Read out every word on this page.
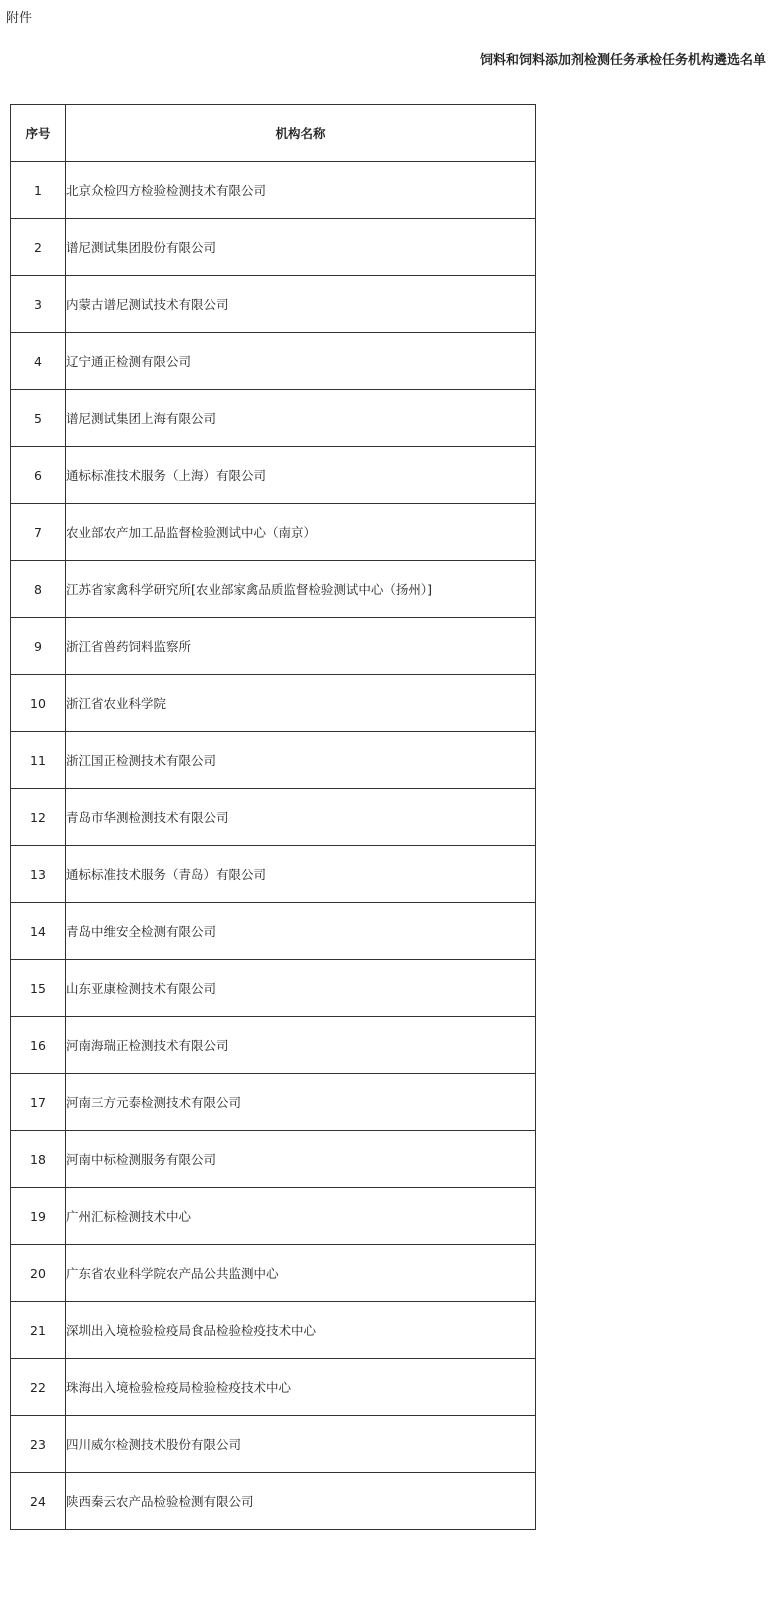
附件
饲料和饲料添加剂检测任务承检任务机构遴选名单
序号	机构名称
1	北京众检四方检验检测技术有限公司
2	谱尼测试集团股份有限公司
3	内蒙古谱尼测试技术有限公司
4	辽宁通正检测有限公司
5	谱尼测试集团上海有限公司
6	通标标准技术服务（上海）有限公司
7	农业部农产加工品监督检验测试中心（南京）
8	江苏省家禽科学研究所[农业部家禽品质监督检验测试中心（扬州）]
9	浙江省兽药饲料监察所
10	浙江省农业科学院
11	浙江国正检测技术有限公司
12	青岛市华测检测技术有限公司
13	通标标准技术服务（青岛）有限公司
14	青岛中维安全检测有限公司
15	山东亚康检测技术有限公司
16	河南海瑞正检测技术有限公司
17	河南三方元泰检测技术有限公司
18	河南中标检测服务有限公司
19	广州汇标检测技术中心
20	广东省农业科学院农产品公共监测中心
21	深圳出入境检验检疫局食品检验检疫技术中心
22	珠海出入境检验检疫局检验检疫技术中心
23	四川威尔检测技术股份有限公司
24	陕西秦云农产品检验检测有限公司
